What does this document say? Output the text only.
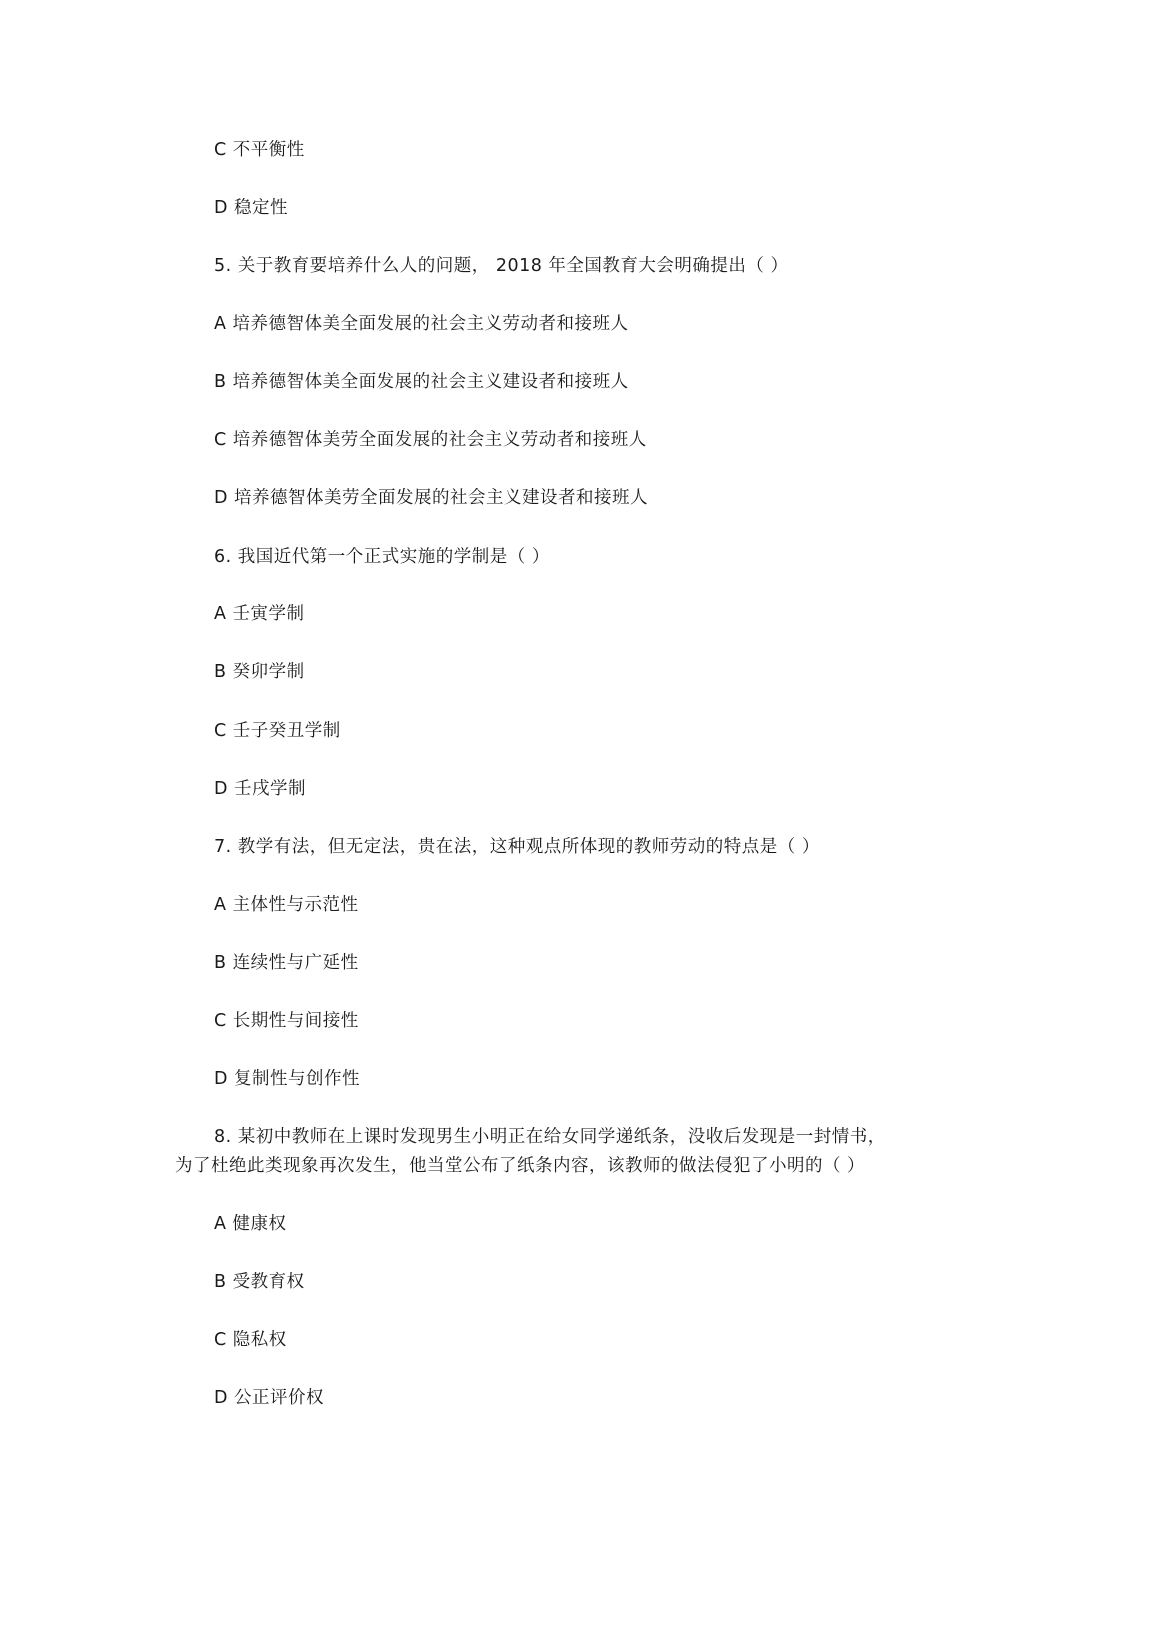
C 不平衡性
D 稳定性
5. 关于教育要培养什么人的问题， 2018 年全国教育大会明确提出（ ）
A 培养德智体美全面发展的社会主义劳动者和接班人
B 培养德智体美全面发展的社会主义建设者和接班人
C 培养德智体美劳全面发展的社会主义劳动者和接班人
D 培养德智体美劳全面发展的社会主义建设者和接班人
6. 我国近代第一个正式实施的学制是（ ）
A 壬寅学制
B 癸卯学制
C 壬子癸丑学制
D 壬戌学制
7. 教学有法，但无定法，贵在法，这种观点所体现的教师劳动的特点是（ ）
A 主体性与示范性
B 连续性与广延性
C 长期性与间接性
D 复制性与创作性
8. 某初中教师在上课时发现男生小明正在给女同学递纸条，没收后发现是一封情书，
为了杜绝此类现象再次发生，他当堂公布了纸条内容，该教师的做法侵犯了小明的（ ）
A 健康权
B 受教育权
C 隐私权
D 公正评价权
